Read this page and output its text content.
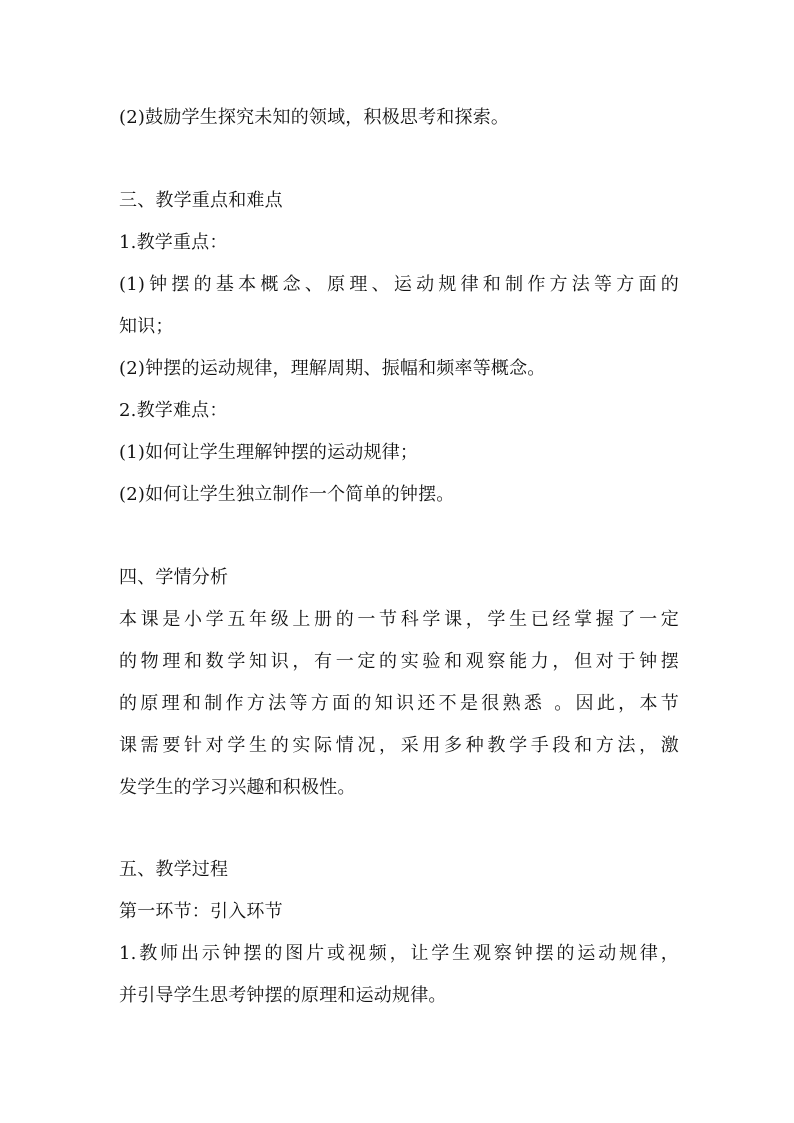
(2)鼓励学生探究未知的领域，积极思考和探索。
三、教学重点和难点
1.教学重点：
(1)钟摆的基本概念、原理、运动规律和制作方法等方面的
知识；
(2)钟摆的运动规律，理解周期、振幅和频率等概念。
2.教学难点：
(1)如何让学生理解钟摆的运动规律；
(2)如何让学生独立制作一个简单的钟摆。
四、学情分析
本课是小学五年级上册的一节科学课，学生已经掌握了一定
的物理和数学知识，有一定的实验和观察能力，但对于钟摆
的原理和制作方法等方面的知识还不是很熟悉 。因此，本节
课需要针对学生的实际情况，采用多种教学手段和方法，激
发学生的学习兴趣和积极性。
五、教学过程
第一环节：引入环节
1.教师出示钟摆的图片或视频，让学生观察钟摆的运动规律，
并引导学生思考钟摆的原理和运动规律。
